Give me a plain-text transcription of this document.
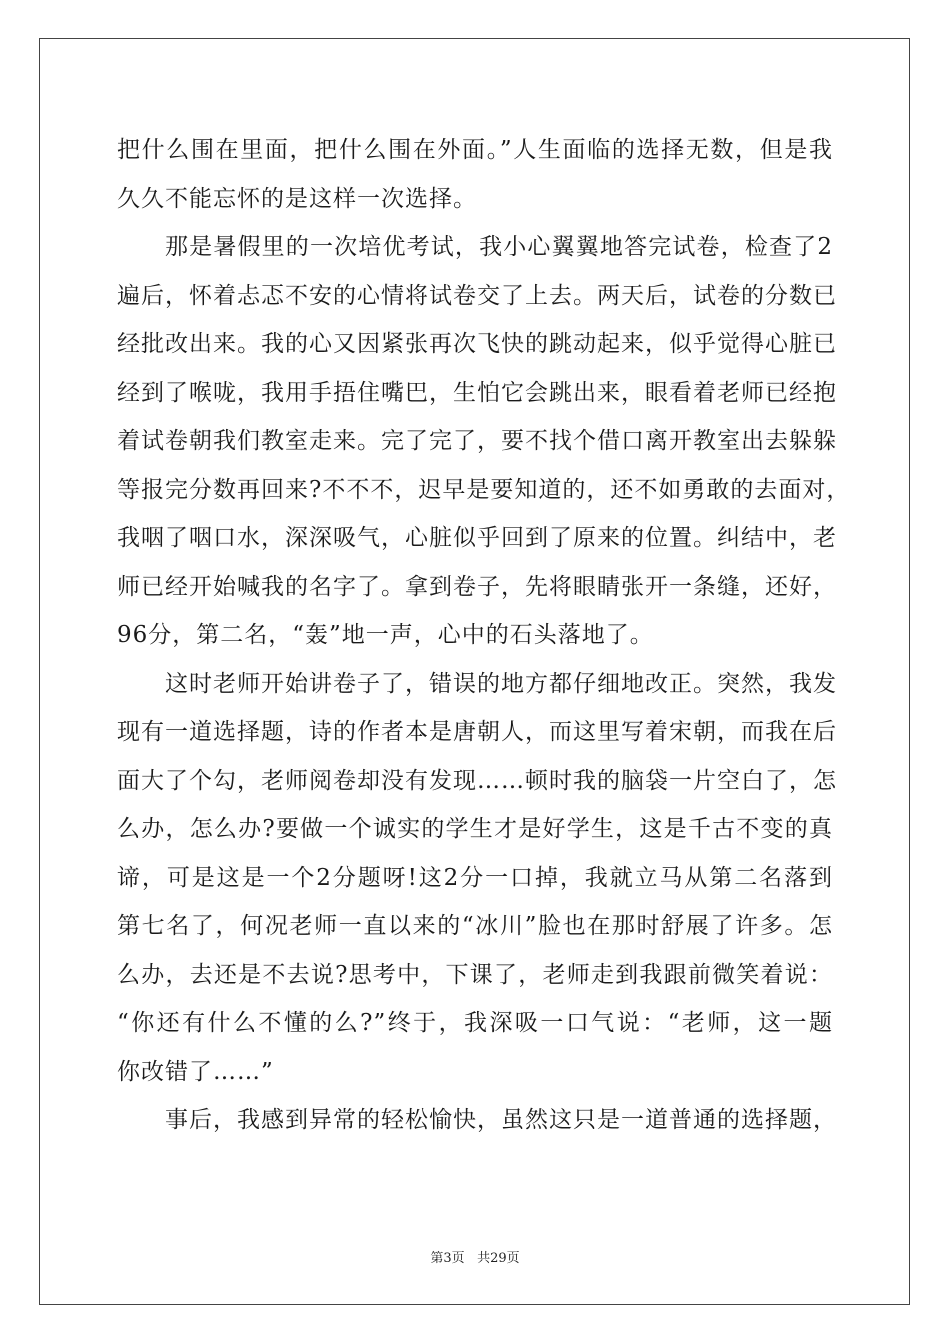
把什么围在里面，把什么围在外面。”人生面临的选择无数，但是我
久久不能忘怀的是这样一次选择。
那是暑假里的一次培优考试，我小心翼翼地答完试卷，检查了2
遍后，怀着忐忑不安的心情将试卷交了上去。两天后，试卷的分数已
经批改出来。我的心又因紧张再次飞快的跳动起来，似乎觉得心脏已
经到了喉咙，我用手捂住嘴巴，生怕它会跳出来，眼看着老师已经抱
着试卷朝我们教室走来。完了完了，要不找个借口离开教室出去躲躲
等报完分数再回来?不不不，迟早是要知道的，还不如勇敢的去面对，
我咽了咽口水，深深吸气，心脏似乎回到了原来的位置。纠结中，老
师已经开始喊我的名字了。拿到卷子，先将眼睛张开一条缝，还好，
96分，第二名，“轰”地一声，心中的石头落地了。
这时老师开始讲卷子了，错误的地方都仔细地改正。突然，我发
现有一道选择题，诗的作者本是唐朝人，而这里写着宋朝，而我在后
面大了个勾，老师阅卷却没有发现……顿时我的脑袋一片空白了，怎
么办，怎么办?要做一个诚实的学生才是好学生，这是千古不变的真
谛，可是这是一个2分题呀!这2分一口掉，我就立马从第二名落到
第七名了，何况老师一直以来的“冰川”脸也在那时舒展了许多。怎
么办，去还是不去说?思考中，下课了，老师走到我跟前微笑着说：
“你还有什么不懂的么?”终于，我深吸一口气说：“老师，这一题
你改错了……”
事后，我感到异常的轻松愉快，虽然这只是一道普通的选择题，
第3页 共29页
